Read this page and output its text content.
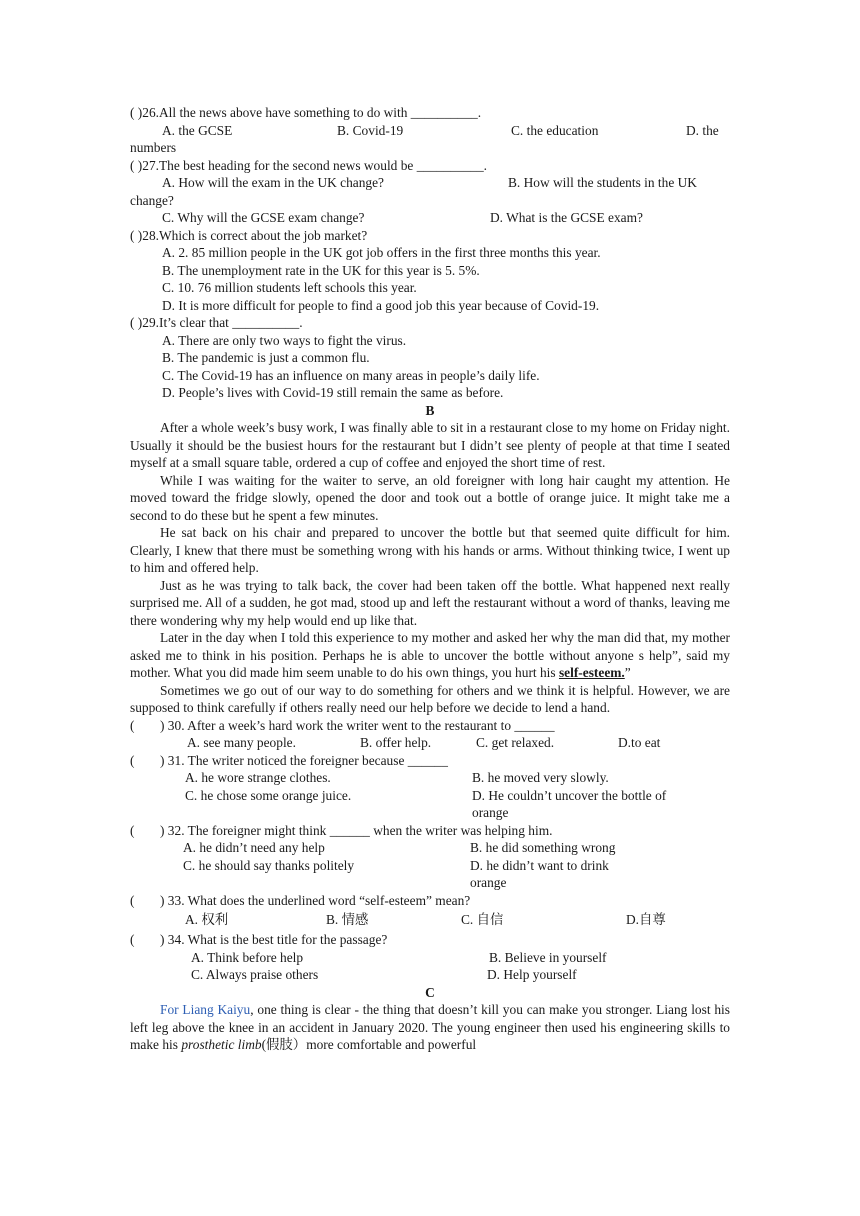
( )26.All the news above have something to do with __________.
A. the GCSE	B. Covid-19	C. the education	D. the
numbers
( )27.The best heading for the second news would be __________.
A. How will the exam in the UK change?	B. How will the students in the UK
change?
C. Why will the GCSE exam change?	D. What is the GCSE exam?
( )28.Which is correct about the job market?
A. 2. 85 million people in the UK got job offers in the first three months this year.
B. The unemployment rate in the UK for this year is 5. 5%.
C. 10. 76 million students left schools this year.
D. It is more difficult for people to find a good job this year because of Covid-19.
( )29.It’s clear that __________.
A. There are only two ways to fight the virus.
B. The pandemic is just a common flu.
C. The Covid-19 has an influence on many areas in people’s daily life.
D. People’s lives with Covid-19 still remain the same as before.
B

After a whole week’s busy work, I was finally able to sit in a restaurant close to my home on Friday night. Usually it should be the busiest hours for the restaurant but I didn’t see plenty of people at that time I seated myself at a small square table, ordered a cup of coffee and enjoyed the short time of rest.

While I was waiting for the waiter to serve, an old foreigner with long hair caught my attention. He moved toward the fridge slowly, opened the door and took out a bottle of orange juice. It might take me a second to do these but he spent a few minutes.

He sat back on his chair and prepared to uncover the bottle but that seemed quite difficult for him. Clearly, I knew that there must be something wrong with his hands or arms. Without thinking twice, I went up to him and offered help.

Just as he was trying to talk back, the cover had been taken off the bottle. What happened next really surprised me. All of a sudden, he got mad, stood up and left the restaurant without a word of thanks, leaving me there wondering why my help would end up like that.

Later in the day when I told this experience to my mother and asked her why the man did that, my mother asked me to think in his position. Perhaps he is able to uncover the bottle without anyone s help”, said my mother. What you did made him seem unable to do his own things, you hurt his self-esteem.”

Sometimes we go out of our way to do something for others and we think it is helpful. However, we are supposed to think carefully if others really need our help before we decide to lend a hand.

( ) 30. After a week’s hard work the writer went to the restaurant to ______
A. see many people.	B. offer help.	C. get relaxed.	D.to eat
( ) 31. The writer noticed the foreigner because ______
A. he wore strange clothes.	B. he moved very slowly.
C. he chose some orange juice.	D. He couldn’t uncover the bottle of
orange
( ) 32. The foreigner might think ______ when the writer was helping him.
A. he didn’t need any help	B. he did something wrong
C. he should say thanks politely	D. he didn’t want to drink
orange
( ) 33. What does the underlined word “self-esteem” mean?
A. 权利	B. 情感	C. 自信	D.自尊
( ) 34. What is the best title for the passage?
A. Think before help	B. Believe in yourself
C. Always praise others	D. Help yourself
C

For Liang Kaiyu, one thing is clear - the thing that doesn’t kill you can make you stronger. Liang lost his left leg above the knee in an accident in January 2020. The young engineer then used his engineering skills to make his prosthetic limb(假肢）more comfortable and powerful
